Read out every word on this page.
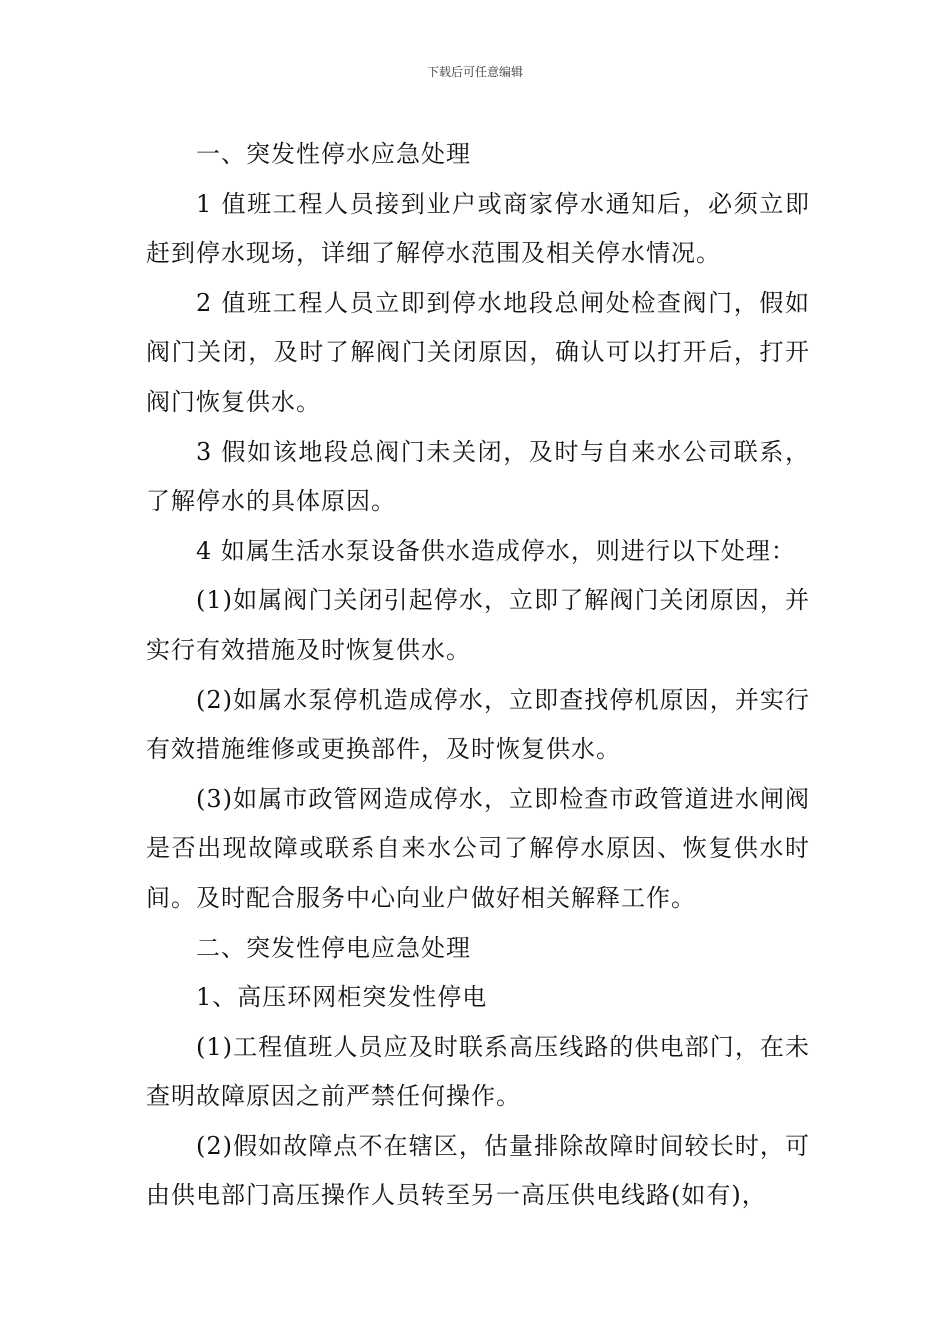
下载后可任意编辑

一、突发性停水应急处理

1 值班工程人员接到业户或商家停水通知后，必须立即赶到停水现场，详细了解停水范围及相关停水情况。

2 值班工程人员立即到停水地段总闸处检查阀门，假如阀门关闭，及时了解阀门关闭原因，确认可以打开后，打开阀门恢复供水。

3 假如该地段总阀门未关闭，及时与自来水公司联系，了解停水的具体原因。

4 如属生活水泵设备供水造成停水，则进行以下处理：

(1)如属阀门关闭引起停水，立即了解阀门关闭原因，并实行有效措施及时恢复供水。

(2)如属水泵停机造成停水，立即查找停机原因，并实行有效措施维修或更换部件，及时恢复供水。

(3)如属市政管网造成停水，立即检查市政管道进水闸阀是否出现故障或联系自来水公司了解停水原因、恢复供水时间。及时配合服务中心向业户做好相关解释工作。

二、突发性停电应急处理

1、高压环网柜突发性停电

(1)工程值班人员应及时联系高压线路的供电部门，在未查明故障原因之前严禁任何操作。

(2)假如故障点不在辖区，估量排除故障时间较长时，可由供电部门高压操作人员转至另一高压供电线路(如有)，
